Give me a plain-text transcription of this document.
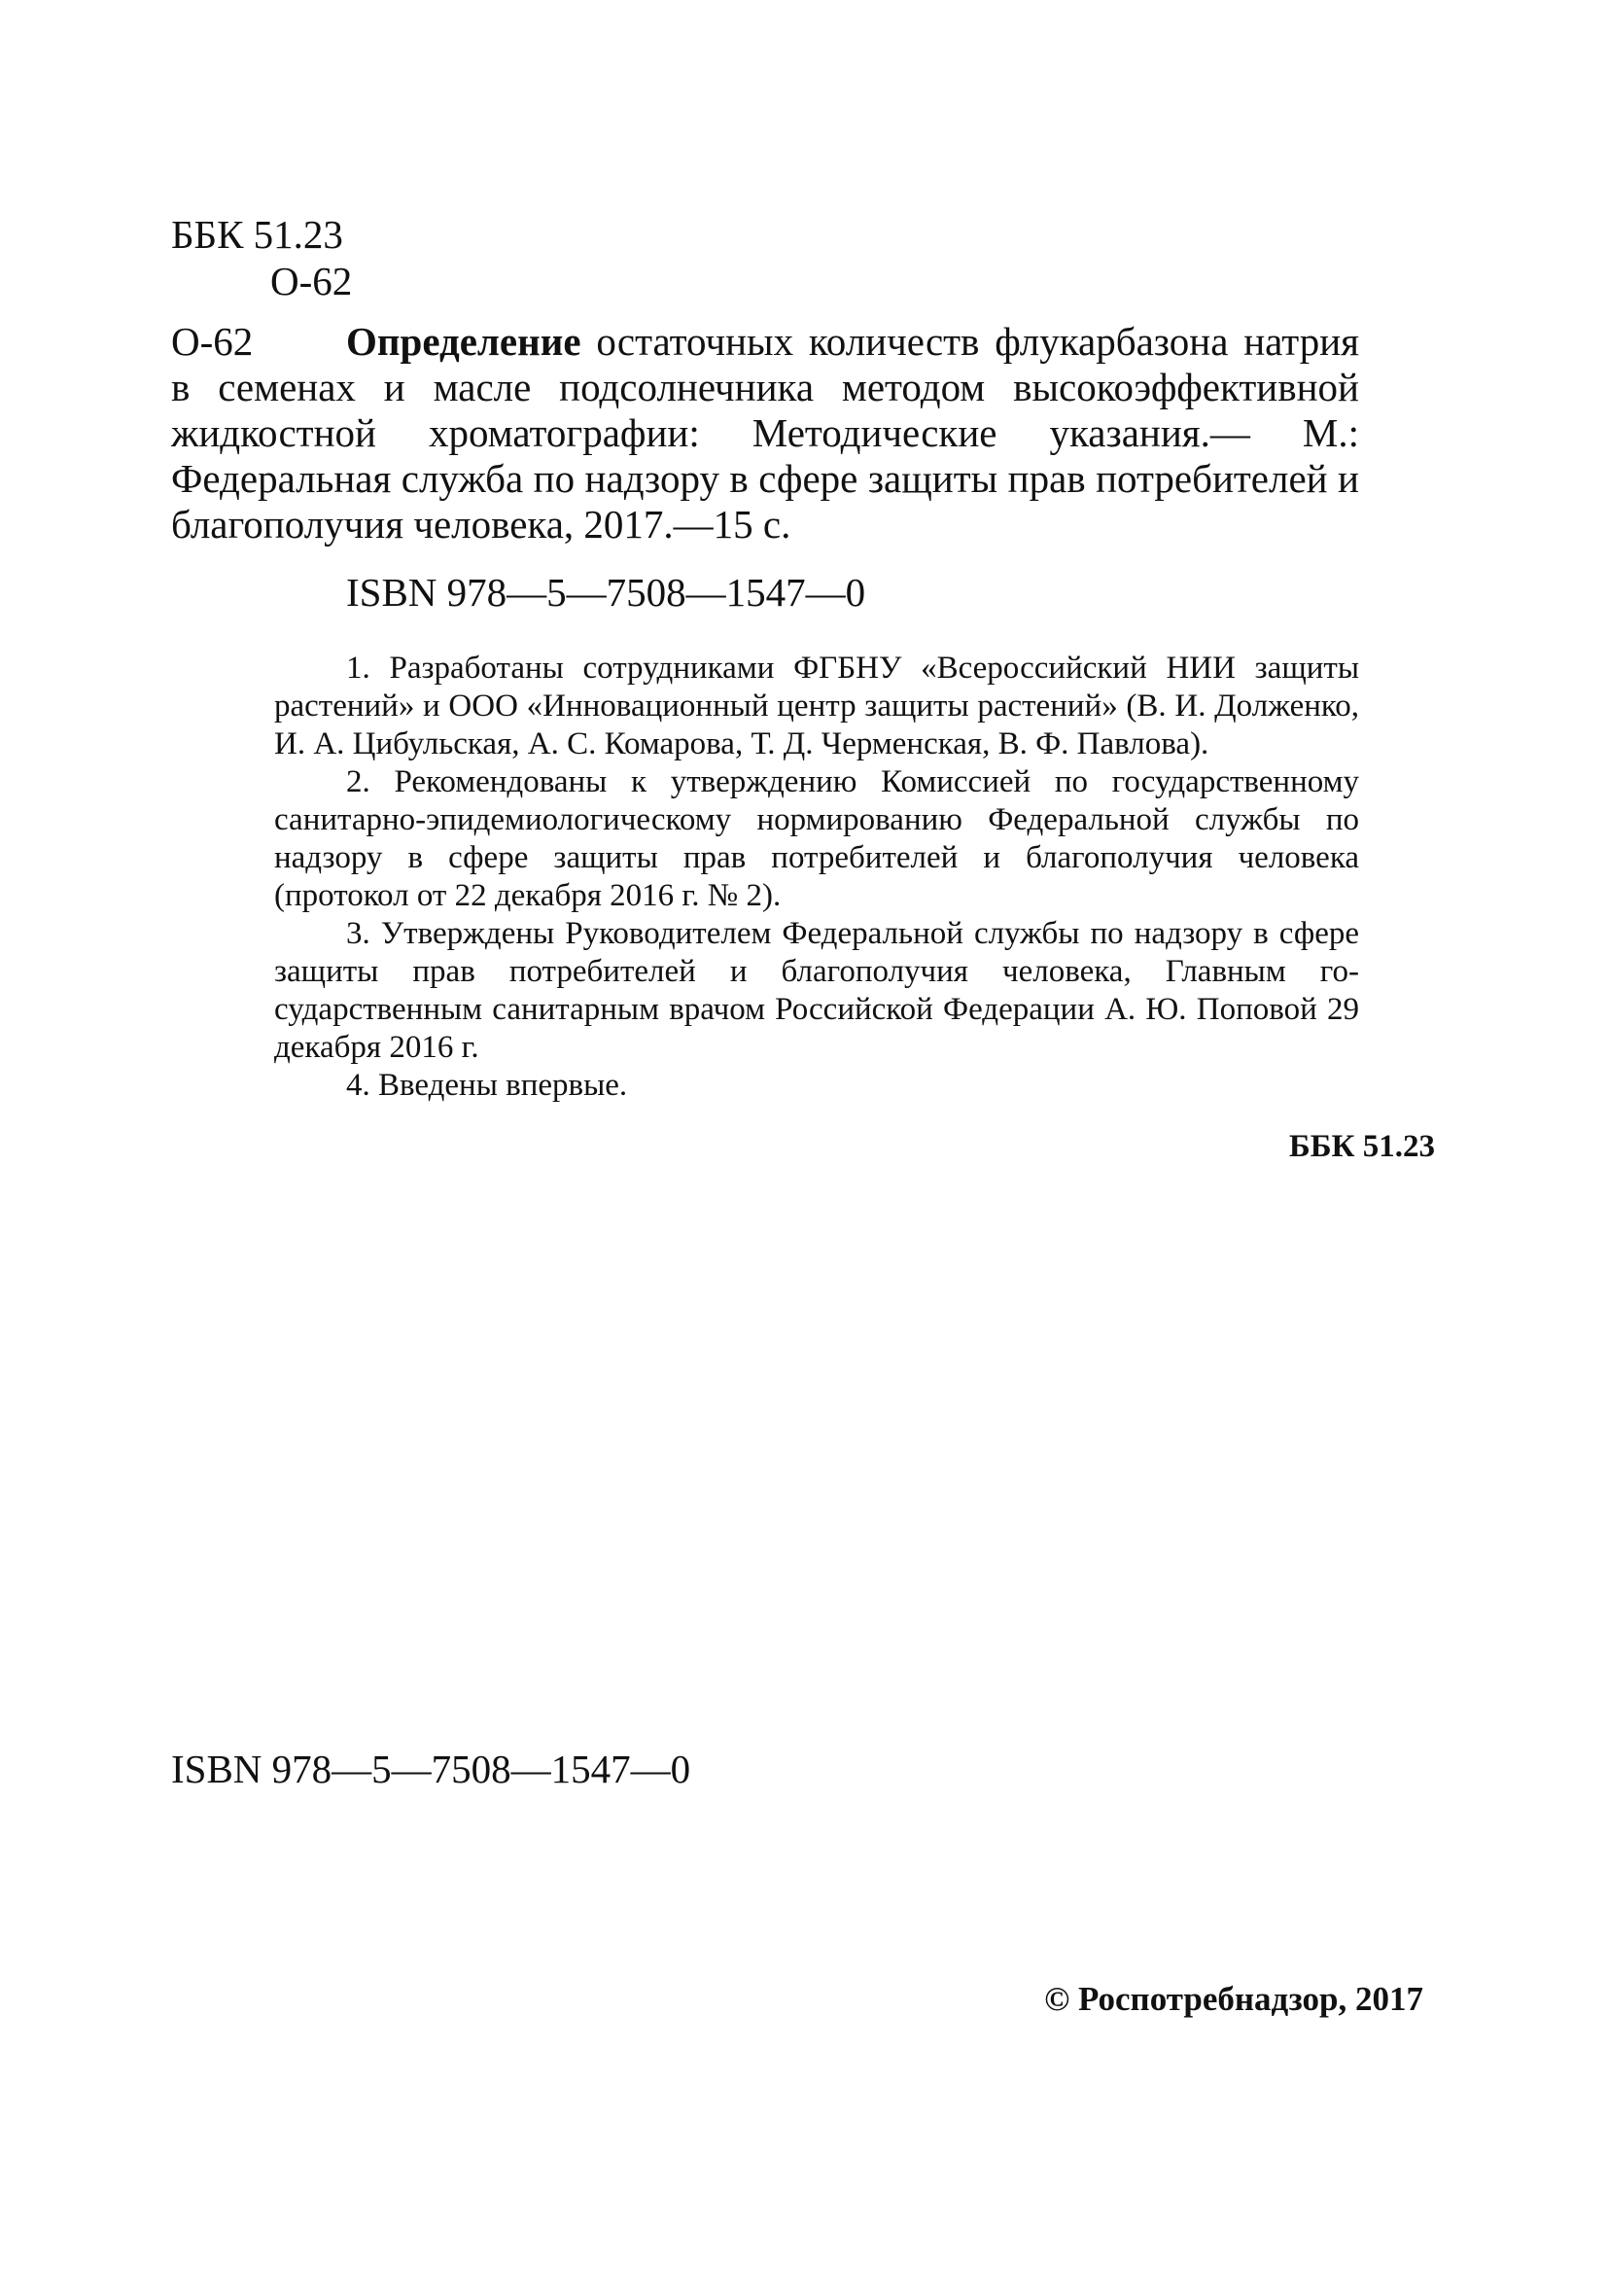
ББК 51.23
О-62
О-62	Определение остаточных количеств флукарбазона натрия в семенах и масле подсолнечника методом высокоэффективной жидкостной хроматографии: Методические указания.— М.: Федеральная служба по надзору в сфере защиты прав потребителей и благополучия человека, 2017.—15 с.
ISBN 978—5—7508—1547—0

1. Разработаны сотрудниками ФГБНУ «Всероссийский НИИ защиты растений» и ООО «Инновационный центр защиты растений» (В. И. Долженко, И. А. Цибульская, А. С. Комарова, Т. Д. Черменская, В. Ф. Павлова).

2. Рекомендованы к утверждению Комиссией по государственному санитарно-эпидемиологическому нормированию Федеральной службы по надзору в сфере защиты прав потребителей и благополучия человека (протокол от 22 декабря 2016 г. № 2).

3. Утверждены Руководителем Федеральной службы по надзору в сфере защиты прав потребителей и благополучия человека, Главным государственным санитарным врачом Российской Федерации А. Ю. Поповой 29 декабря 2016 г.

4. Введены впервые.

ББК 51.23
ISBN 978—5—7508—1547—0
© Роспотребнадзор, 2017
